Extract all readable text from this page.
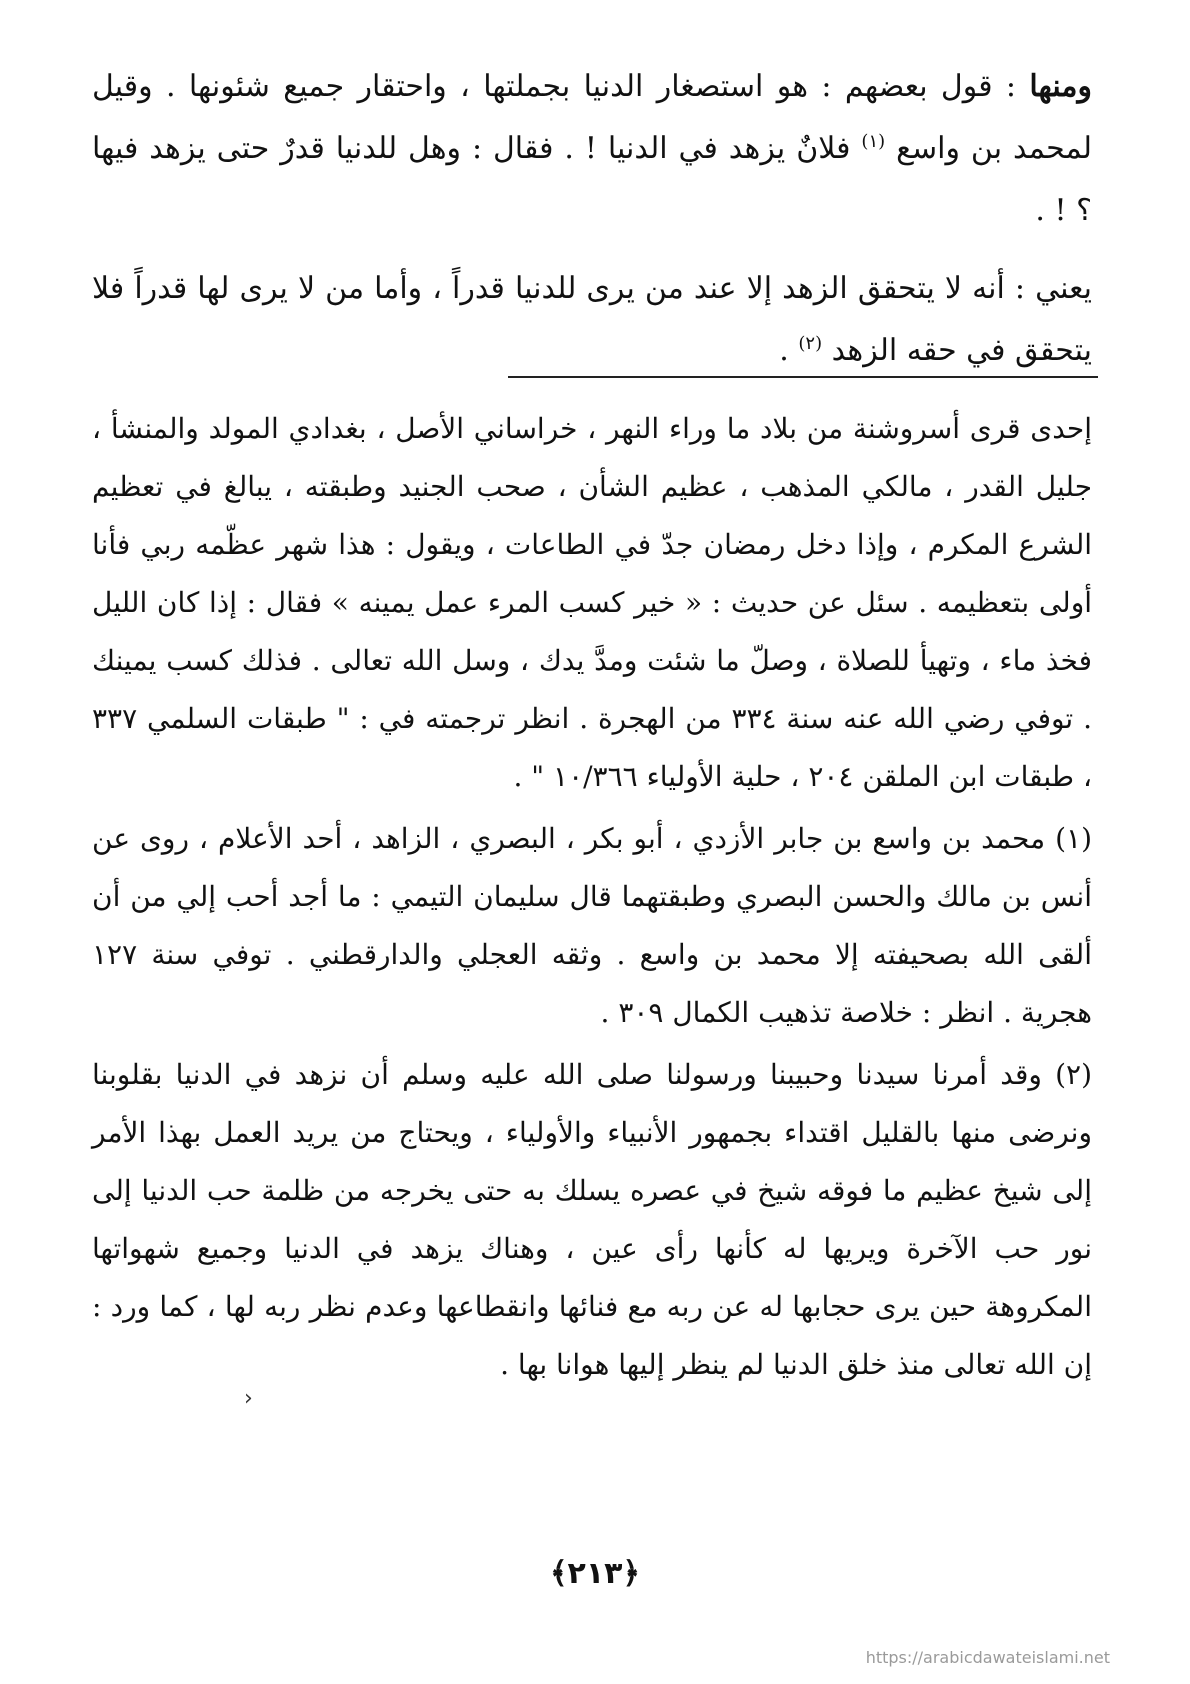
ومنها : قول بعضهم : هو استصغار الدنيا بجملتها ، واحتقار جميع شئونها . وقيل لمحمد بن واسع $^{(١)}$ فلانٌ يزهد في الدنيا ! . فقال : وهل للدنيا قدرٌ حتى يزهد فيها ؟ ! .

يعني : أنه لا يتحقق الزهد إلا عند من يرى للدنيا قدراً ، وأما من لا يرى لها قدراً فلا يتحقق في حقه الزهد $^{(٢)}$ .

إحدى قرى أسروشنة من بلاد ما وراء النهر ، خراساني الأصل ، بغدادي المولد والمنشأ ، جليل القدر ، مالكي المذهب ، عظيم الشأن ، صحب الجنيد وطبقته ، يبالغ في تعظيم الشرع المكرم ، وإذا دخل رمضان جدّ في الطاعات ، ويقول : هذا شهر عظّمه ربي فأنا أولى بتعظيمه . سئل عن حديث : « خير كسب المرء عمل يمينه » فقال : إذا كان الليل فخذ ماء ، وتهيأ للصلاة ، وصلّ ما شئت ومدَّ يدك ، وسل الله تعالى . فذلك كسب يمينك . توفي رضي الله عنه سنة ٣٣٤ من الهجرة . انظر ترجمته في : " طبقات السلمي ٣٣٧ ، طبقات ابن الملقن ٢٠٤ ، حلية الأولياء ١٠/٣٦٦ " .

(١) محمد بن واسع بن جابر الأزدي ، أبو بكر ، البصري ، الزاهد ، أحد الأعلام ، روى عن أنس بن مالك والحسن البصري وطبقتهما قال سليمان التيمي : ما أجد أحب إلي من أن ألقى الله بصحيفته إلا محمد بن واسع . وثقه العجلي والدارقطني . توفي سنة ١٢٧ هجرية . انظر : خلاصة تذهيب الكمال ٣٠٩ .

(٢) وقد أمرنا سيدنا وحبيبنا ورسولنا صلى الله عليه وسلم أن نزهد في الدنيا بقلوبنا ونرضى منها بالقليل اقتداء بجمهور الأنبياء والأولياء ، ويحتاج من يريد العمل بهذا الأمر إلى شيخ عظيم ما فوقه شيخ في عصره يسلك به حتى يخرجه من ظلمة حب الدنيا إلى نور حب الآخرة ويريها له كأنها رأى عين ، وهناك يزهد في الدنيا وجميع شهواتها المكروهة حين يرى حجابها له عن ربه مع فنائها وانقطاعها وعدم نظر ربه لها ، كما ورد : إن الله تعالى منذ خلق الدنيا لم ينظر إليها هوانا بها .

›
﴿٢١٣﴾
https://arabicdawateislami.net
